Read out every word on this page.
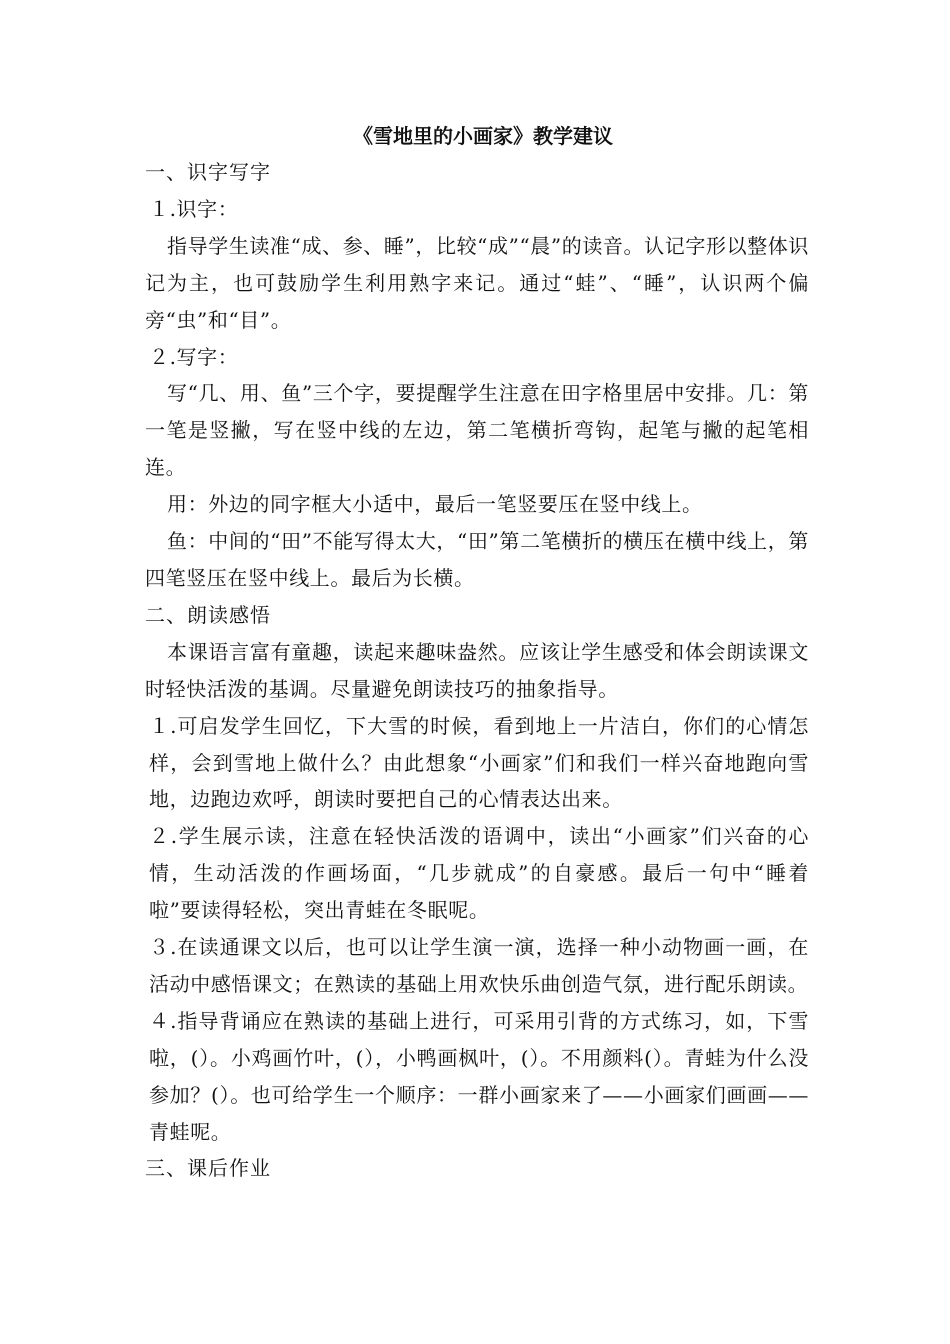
《雪地里的小画家》教学建议

一、识字写字

１.识字：

指导学生读准“成、参、睡”，比较“成”“晨”的读音。认记字形以整体识记为主，也可鼓励学生利用熟字来记。通过“蛙”、“睡”，认识两个偏旁“虫”和“目”。

２.写字：

写“几、用、鱼”三个字，要提醒学生注意在田字格里居中安排。几：第一笔是竖撇，写在竖中线的左边，第二笔横折弯钩，起笔与撇的起笔相连。

用：外边的同字框大小适中，最后一笔竖要压在竖中线上。

鱼：中间的“田”不能写得太大，“田”第二笔横折的横压在横中线上，第四笔竖压在竖中线上。最后为长横。

二、朗读感悟

本课语言富有童趣，读起来趣味盎然。应该让学生感受和体会朗读课文时轻快活泼的基调。尽量避免朗读技巧的抽象指导。

１.可启发学生回忆，下大雪的时候，看到地上一片洁白，你们的心情怎样，会到雪地上做什么？由此想象“小画家”们和我们一样兴奋地跑向雪地，边跑边欢呼，朗读时要把自己的心情表达出来。

２.学生展示读，注意在轻快活泼的语调中，读出“小画家”们兴奋的心情，生动活泼的作画场面，“几步就成”的自豪感。最后一句中“睡着啦”要读得轻松，突出青蛙在冬眠呢。

３.在读通课文以后，也可以让学生演一演，选择一种小动物画一画，在活动中感悟课文；在熟读的基础上用欢快乐曲创造气氛，进行配乐朗读。

４.指导背诵应在熟读的基础上进行，可采用引背的方式练习，如，下雪啦，(）。小鸡画竹叶，(），小鸭画枫叶，(）。不用颜料(）。青蛙为什么没参加？(）。也可给学生一个顺序：一群小画家来了——小画家们画画——青蛙呢。

三、课后作业
